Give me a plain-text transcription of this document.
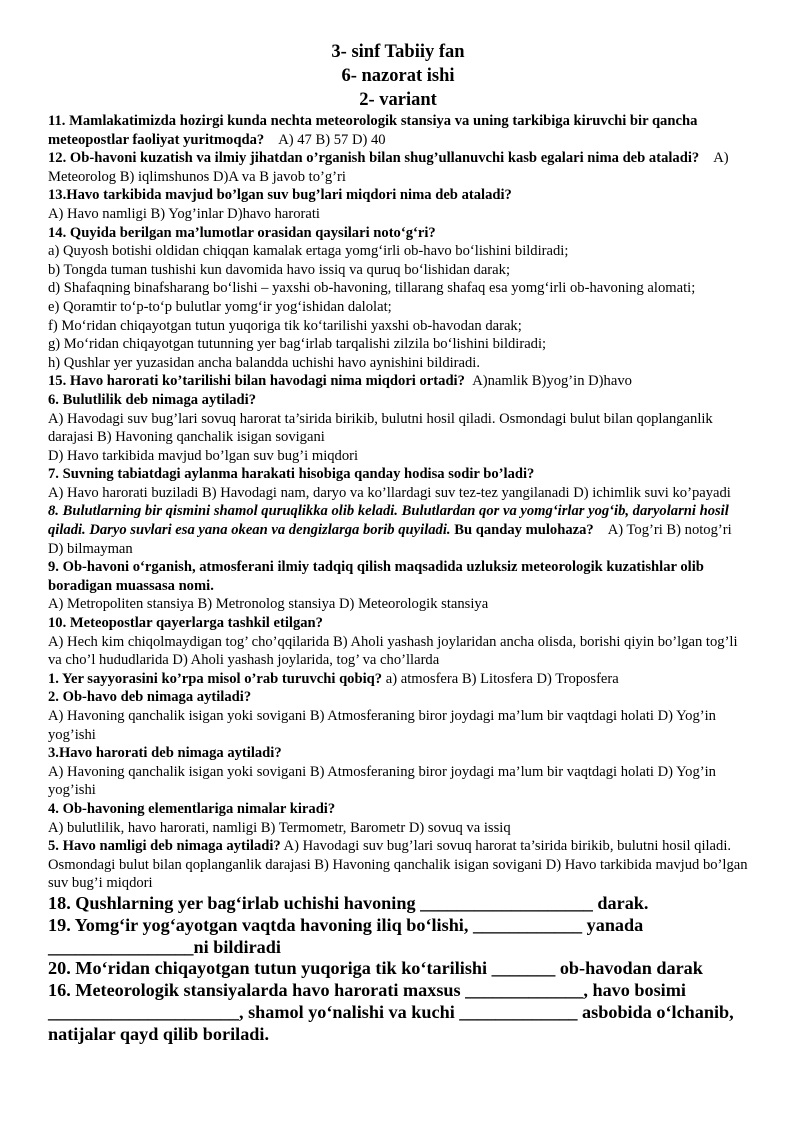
3- sinf Tabiiy fan
6- nazorat ishi
2- variant

11. Mamlakatimizda hozirgi kunda nechta meteorologik stansiya va uning tarkibiga kiruvchi bir qancha meteopostlar faoliyat yuritmoqda? A) 47 B) 57 D) 40

12. Ob-havoni kuzatish va ilmiy jihatdan o’rganish bilan shug’ullanuvchi kasb egalari nima deb ataladi? A) Meteorolog B) iqlimshunos D)A va B javob to’g’ri

13.Havo tarkibida mavjud bo’lgan suv bug’lari miqdori nima deb ataladi?

A) Havo namligi B) Yog’inlar D)havo harorati

14. Quyida berilgan ma’lumotlar orasidan qaysilari noto‘g‘ri?

a) Quyosh botishi oldidan chiqqan kamalak ertaga yomg‘irli ob-havo bo‘lishini bildiradi;

b) Tongda tuman tushishi kun davomida havo issiq va quruq bo‘lishidan darak;

d) Shafaqning binafsharang bo‘lishi – yaxshi ob-havoning, tillarang shafaq esa yomg‘irli ob-havoning alomati;

e) Qoramtir to‘p-to‘p bulutlar yomg‘ir yog‘ishidan dalolat;

f) Mo‘ridan chiqayotgan tutun yuqoriga tik ko‘tarilishi yaxshi ob-havodan darak;

g) Mo‘ridan chiqayotgan tutunning yer bag‘irlab tarqalishi zilzila bo‘lishini bildiradi;

h) Qushlar yer yuzasidan ancha balandda uchishi havo aynishini bildiradi.

15. Havo harorati ko’tarilishi bilan havodagi nima miqdori ortadi? A)namlik B)yog’in D)havo

6. Bulutlilik deb nimaga aytiladi?

A) Havodagi suv bug’lari sovuq harorat ta’sirida birikib, bulutni hosil qiladi. Osmondagi bulut bilan qoplanganlik darajasi B) Havoning qanchalik isigan sovigani

D) Havo tarkibida mavjud bo’lgan suv bug’i miqdori

7. Suvning tabiatdagi aylanma harakati hisobiga qanday hodisa sodir bo’ladi?

A) Havo harorati buziladi B) Havodagi nam, daryo va ko’llardagi suv tez-tez yangilanadi D) ichimlik suvi ko’payadi

8. Bulutlarning bir qismini shamol quruqlikka olib keladi. Bulutlardan qor va yomg‘irlar yog‘ib, daryolarni hosil qiladi. Daryo suvlari esa yana okean va dengizlarga borib quyiladi. Bu qanday mulohaza? A) Tog’ri B) notog’ri D) bilmayman

9. Ob-havoni o‘rganish, atmosferani ilmiy tadqiq qilish maqsadida uzluksiz meteorologik kuzatishlar olib boradigan muassasa nomi.

A) Metropoliten stansiya B) Metronolog stansiya D) Meteorologik stansiya

10. Meteopostlar qayerlarga tashkil etilgan?

A) Hech kim chiqolmaydigan tog’ cho’qqilarida B) Aholi yashash joylaridan ancha olisda, borishi qiyin bo’lgan tog’li va cho’l hududlarida D) Aholi yashash joylarida, tog’ va cho’llarda

1. Yer sayyorasini ko’rpa misol o’rab turuvchi qobiq? a) atmosfera B) Litosfera D) Troposfera

2. Ob-havo deb nimaga aytiladi?

A) Havoning qanchalik isigan yoki sovigani B) Atmosferaning biror joydagi ma’lum bir vaqtdagi holati D) Yog’in yog’ishi

3.Havo harorati deb nimaga aytiladi?

A) Havoning qanchalik isigan yoki sovigani B) Atmosferaning biror joydagi ma’lum bir vaqtdagi holati D) Yog’in yog’ishi

4. Ob-havoning elementlariga nimalar kiradi?

A) bulutlilik, havo harorati, namligi B) Termometr, Barometr D) sovuq va issiq

5. Havo namligi deb nimaga aytiladi? A) Havodagi suv bug’lari sovuq harorat ta’sirida birikib, bulutni hosil qiladi. Osmondagi bulut bilan qoplanganlik darajasi B) Havoning qanchalik isigan sovigani D) Havo tarkibida mavjud bo’lgan suv bug’i miqdori

18. Qushlarning yer bag‘irlab uchishi havoning ___________________ darak.

19. Yomg‘ir yog‘ayotgan vaqtda havoning iliq bo‘lishi, ____________ yanada ________________ni bildiradi

20. Mo‘ridan chiqayotgan tutun yuqoriga tik ko‘tarilishi _______ ob-havodan darak

16. Meteorologik stansiyalarda havo harorati maxsus _____________, havo bosimi _____________________, shamol yo‘nalishi va kuchi _____________ asbobida o‘lchanib, natijalar qayd qilib boriladi.
